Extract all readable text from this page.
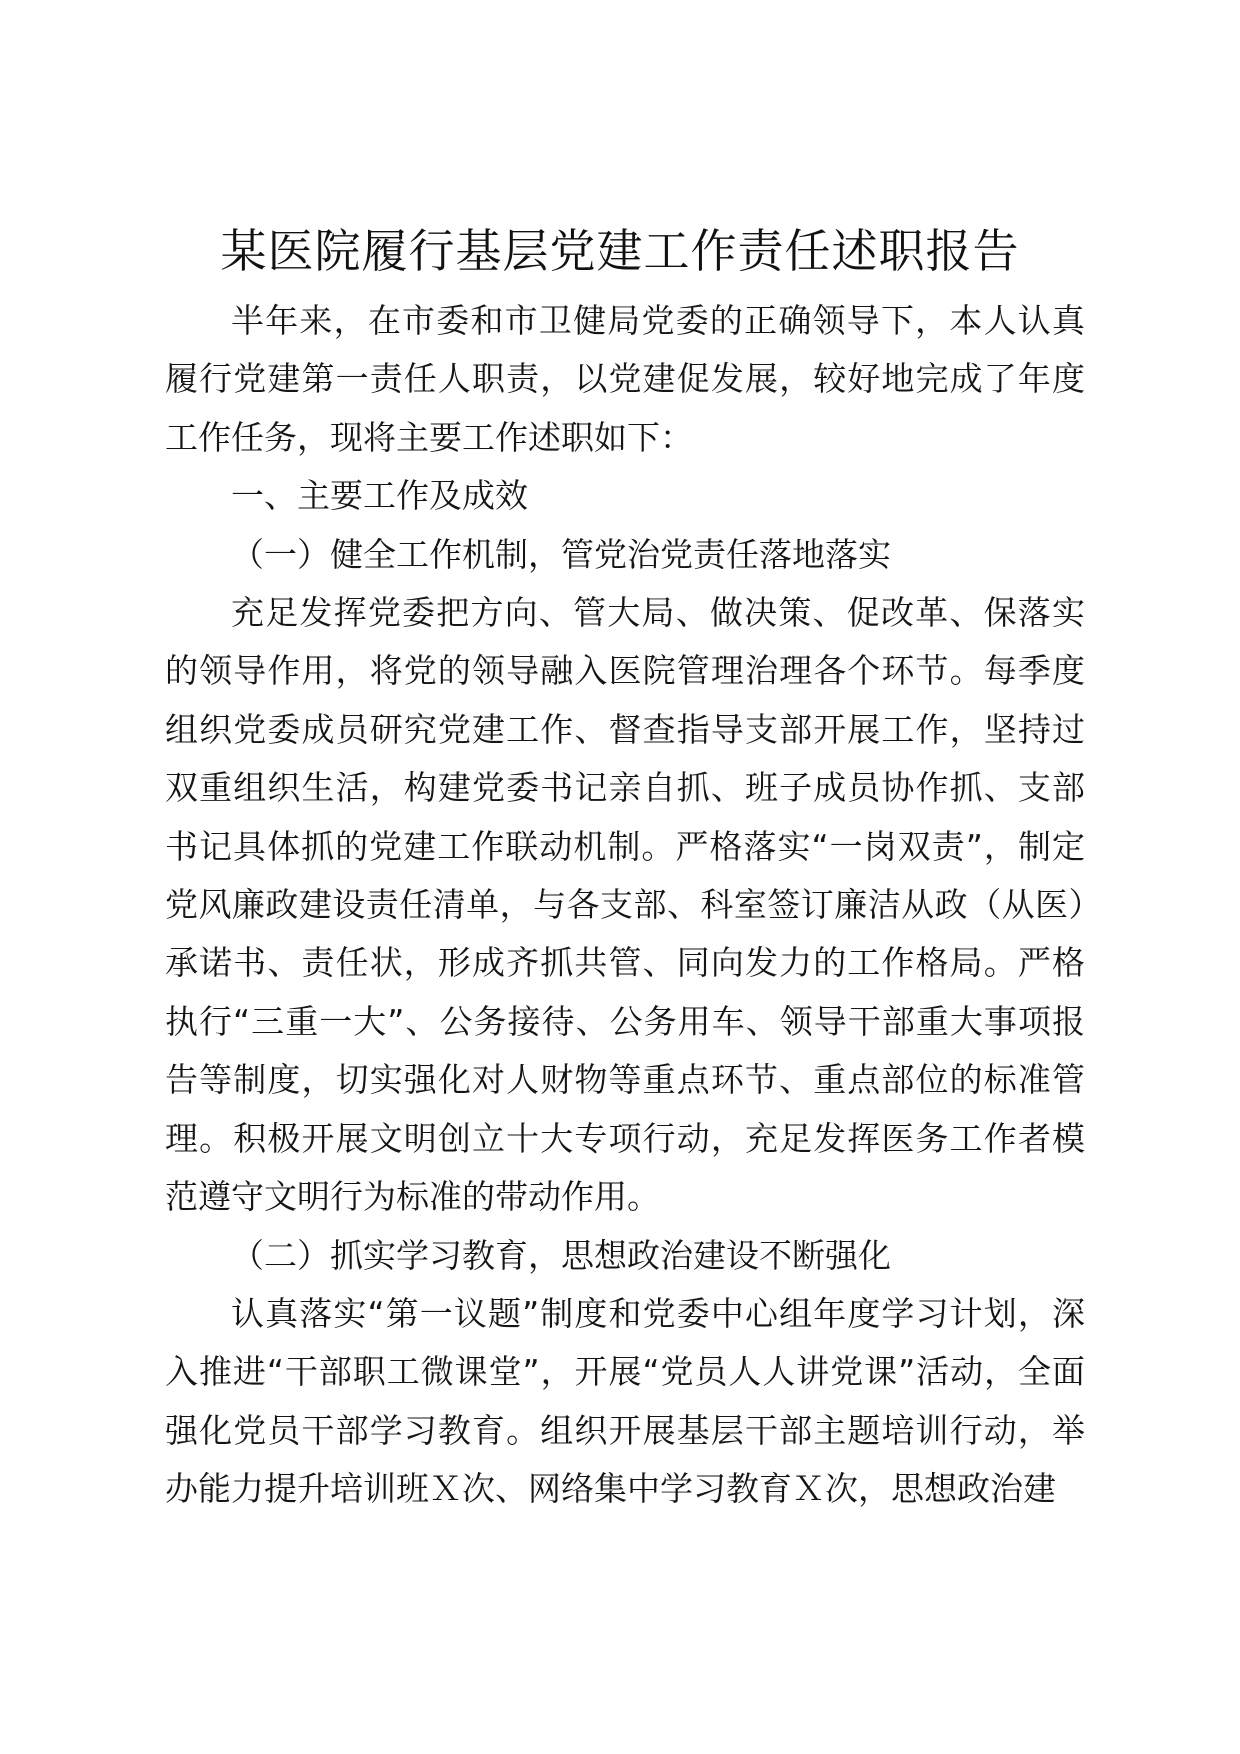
某医院履行基层党建工作责任述职报告

半年来，在市委和市卫健局党委的正确领导下，本人认真履行党建第一责任人职责，以党建促发展，较好地完成了年度工作任务，现将主要工作述职如下：

一、主要工作及成效

（一）健全工作机制，管党治党责任落地落实

充足发挥党委把方向、管大局、做决策、促改革、保落实的领导作用，将党的领导融入医院管理治理各个环节。每季度组织党委成员研究党建工作、督查指导支部开展工作，坚持过双重组织生活，构建党委书记亲自抓、班子成员协作抓、支部书记具体抓的党建工作联动机制。严格落实“一岗双责”，制定党风廉政建设责任清单，与各支部、科室签订廉洁从政（从医）承诺书、责任状，形成齐抓共管、同向发力的工作格局。严格执行“三重一大”、公务接待、公务用车、领导干部重大事项报告等制度，切实强化对人财物等重点环节、重点部位的标准管理。积极开展文明创立十大专项行动，充足发挥医务工作者模范遵守文明行为标准的带动作用。

（二）抓实学习教育，思想政治建设不断强化

认真落实“第一议题”制度和党委中心组年度学习计划，深入推进“干部职工微课堂”，开展“党员人人讲党课”活动，全面强化党员干部学习教育。组织开展基层干部主题培训行动，举办能力提升培训班Ｘ次、网络集中学习教育Ｘ次，思想政治建
